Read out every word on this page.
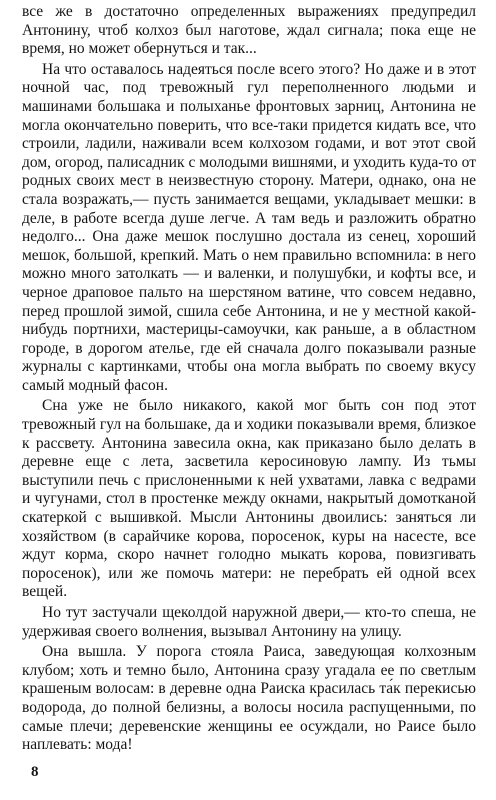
все же в достаточно определенных выражениях предупредил Антонину, чтоб колхоз был наготове, ждал сигнала; пока еще не время, но может обернуться и так...

На что оставалось надеяться после всего этого? Но даже и в этот ночной час, под тревожный гул переполненного людьми и машинами большака и полыханье фронтовых зарниц, Антонина не могла окончательно поверить, что все-таки придется кидать все, что строили, ладили, наживали всем колхозом годами, и вот этот свой дом, огород, палисадник с молодыми вишнями, и уходить куда-то от родных своих мест в неизвестную сторону. Матери, однако, она не стала возражать,— пусть занимается вещами, укладывает мешки: в деле, в работе всегда душе легче. А там ведь и разложить обратно недолго... Она даже мешок послушно достала из сенец, хороший мешок, большой, крепкий. Мать о нем правильно вспомнила: в него можно много затолкать — и валенки, и полушубки, и кофты все, и черное драповое пальто на шерстяном ватине, что совсем недавно, перед прошлой зимой, сшила себе Антонина, и не у местной какой-нибудь портнихи, мастерицы-самоучки, как раньше, а в областном городе, в дорогом ателье, где ей сначала долго показывали разные журналы с картинками, чтобы она могла выбрать по своему вкусу самый модный фасон.

Сна уже не было никакого, какой мог быть сон под этот тревожный гул на большаке, да и ходики показывали время, близкое к рассвету. Антонина завесила окна, как приказано было делать в деревне еще с лета, засветила керосиновую лампу. Из тьмы выступили печь с прислоненными к ней ухватами, лавка с ведрами и чугунами, стол в простенке между окнами, накрытый домотканой скатеркой с вышивкой. Мысли Антонины двоились: заняться ли хозяйством (в сарайчике корова, поросенок, куры на насесте, все ждут корма, скоро начнет голодно мыкать корова, повизгивать поросенок), или же помочь матери: не перебрать ей одной всех вещей.

Но тут застучали щеколдой наружной двери,— кто-то спеша, не удерживая своего волнения, вызывал Антонину на улицу.

Она вышла. У порога стояла Раиса, заведующая колхозным клубом; хоть и темно было, Антонина сразу угадала ее по светлым крашеным волосам: в деревне одна Раиска красилась та́к перекисью водорода, до полной белизны, а волосы носила распущенными, по самые плечи; деревенские женщины ее осуждали, но Раисе было наплевать: мода!

8
